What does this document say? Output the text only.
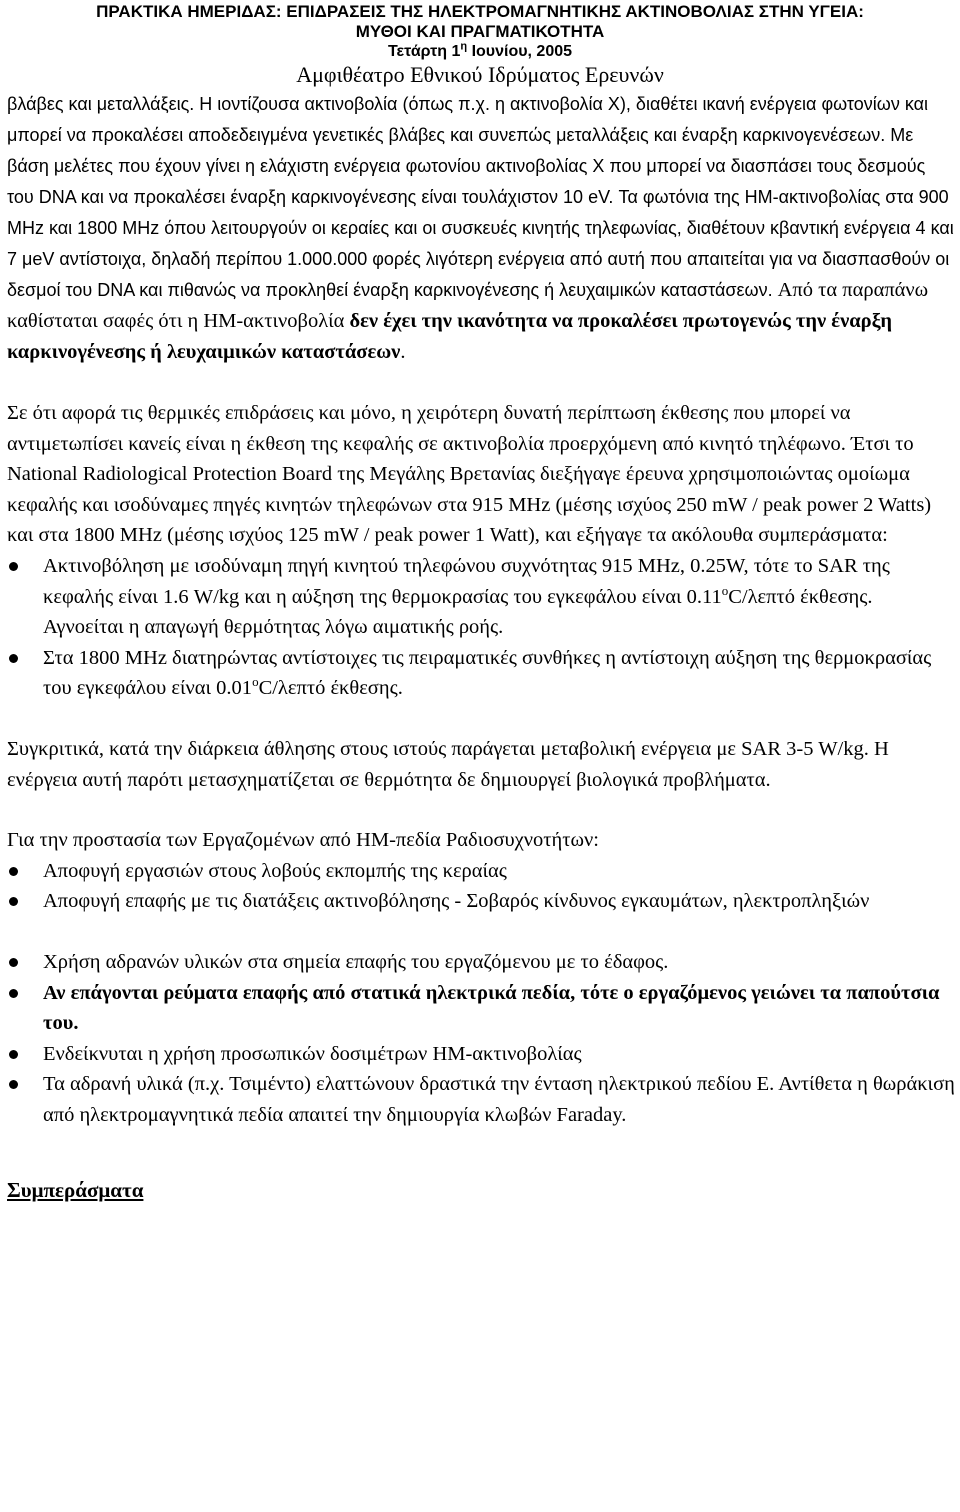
ΠΡΑΚΤΙΚΑ ΗΜΕΡΙΔΑΣ: ΕΠΙΔΡΑΣΕΙΣ ΤΗΣ ΗΛΕΚΤΡΟΜΑΓΝΗΤΙΚΗΣ ΑΚΤΙΝΟΒΟΛΙΑΣ ΣΤΗΝ ΥΓΕΙΑ:

ΜΥΘΟΙ ΚΑΙ ΠΡΑΓΜΑΤΙΚΟΤΗΤΑ

Τετάρτη $1^\eta$ Ιουνίου, 2005

Αμφιθέατρο Εθνικού Ιδρύματος Ερευνών

βλάβες και μεταλλάξεις. Η ιοντίζουσα ακτινοβολία (όπως π.χ. η ακτινοβολία Χ), διαθέτει ικανή ενέργεια φωτονίων και μπορεί να προκαλέσει αποδεδειγμένα γενετικές βλάβες και συνεπώς μεταλλάξεις και έναρξη καρκινογενέσεων. Με βάση μελέτες που έχουν γίνει η ελάχιστη ενέργεια φωτονίου ακτινοβολίας Χ που μπορεί να διασπάσει τους δεσμούς του DNA και να προκαλέσει έναρξη καρκινογένεσης είναι τουλάχιστον 10 eV. Τα φωτόνια της ΗΜ-ακτινοβολίας στα 900 MHz και 1800 MHz όπου λειτουργούν οι κεραίες και οι συσκευές κινητής τηλεφωνίας, διαθέτουν κβαντική ενέργεια 4 και 7 μeV αντίστοιχα, δηλαδή περίπου 1.000.000 φορές λιγότερη ενέργεια από αυτή που απαιτείται για να διασπασθούν οι δεσμοί του DNA και πιθανώς να προκληθεί έναρξη καρκινογένεσης ή λευχαιμικών καταστάσεων. Από τα παραπάνω καθίσταται σαφές ότι η ΗΜ-ακτινοβολία δεν έχει την ικανότητα να προκαλέσει πρωτογενώς την έναρξη καρκινογένεσης ή λευχαιμικών καταστάσεων.

Σε ότι αφορά τις θερμικές επιδράσεις και μόνο, η χειρότερη δυνατή περίπτωση έκθεσης που μπορεί να αντιμετωπίσει κανείς είναι η έκθεση της κεφαλής σε ακτινοβολία προερχόμενη από κινητό τηλέφωνο. Έτσι το National Radiological Protection Board της Μεγάλης Βρετανίας διεξήγαγε έρευνα χρησιμοποιώντας ομοίωμα κεφαλής και ισοδύναμες πηγές κινητών τηλεφώνων στα 915 MHz (μέσης ισχύος 250 mW / peak power 2 Watts) και στα 1800 MHz (μέσης ισχύος 125 mW / peak power 1 Watt), και εξήγαγε τα ακόλουθα συμπεράσματα:

Ακτινοβόληση με ισοδύναμη πηγή κινητού τηλεφώνου συχνότητας 915 MHz, 0.25W, τότε το SAR της κεφαλής είναι 1.6 W/kg και η αύξηση της θερμοκρασίας του εγκεφάλου είναι 0.11$^o$C/λεπτό έκθεσης. Αγνοείται η απαγωγή θερμότητας λόγω αιματικής ροής.
Στα 1800 MHz διατηρώντας αντίστοιχες τις πειραματικές συνθήκες η αντίστοιχη αύξηση της θερμοκρασίας του εγκεφάλου είναι 0.01$^o$C/λεπτό έκθεσης.

Συγκριτικά, κατά την διάρκεια άθλησης στους ιστούς παράγεται μεταβολική ενέργεια με SAR 3-5 W/kg. Η ενέργεια αυτή παρότι μετασχηματίζεται σε θερμότητα δε δημιουργεί βιολογικά προβλήματα.

Για την προστασία των Εργαζομένων από ΗΜ-πεδία Ραδιοσυχνοτήτων:

Αποφυγή εργασιών στους λοβούς εκπομπής της κεραίας
Αποφυγή επαφής με τις διατάξεις ακτινοβόλησης - Σοβαρός κίνδυνος εγκαυμάτων, ηλεκτροπληξιών
Χρήση αδρανών υλικών στα σημεία επαφής του εργαζόμενου με το έδαφος.
Αν επάγονται ρεύματα επαφής από στατικά ηλεκτρικά πεδία, τότε ο εργαζόμενος γειώνει τα παπούτσια του.
Ενδείκνυται η χρήση προσωπικών δοσιμέτρων ΗΜ-ακτινοβολίας
Τα αδρανή υλικά (π.χ. Τσιμέντο) ελαττώνουν δραστικά την ένταση ηλεκτρικού πεδίου Ε. Αντίθετα η θωράκιση από ηλεκτρομαγνητικά πεδία απαιτεί την δημιουργία κλωβών Faraday.

Συμπεράσματα
